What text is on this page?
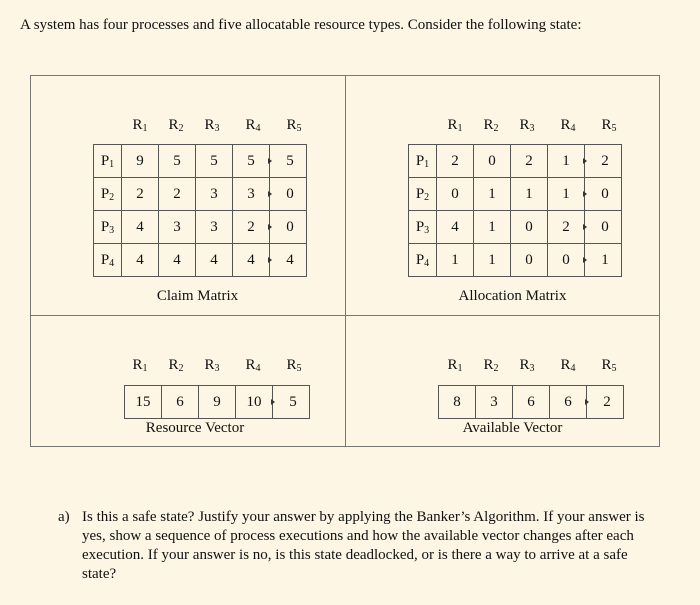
A system has four processes and five allocatable resource types. Consider the following state:

R1	R2	R3	R4	R5
P1	9	5	5	5	5
P2	2	2	3	3	0
P3	4	3	3	2	0
P4	4	4	4	4	4
Claim Matrix
R1	R2	R3	R4	R5
P1	2	0	2	1	2
P2	0	1	1	1	0
P3	4	1	0	2	0
P4	1	1	0	0	1
Allocation Matrix
R1	R2	R3	R4	R5
15	6	9	10	5
Resource Vector
R1	R2	R3	R4	R5
8	3	6	6	2
Available Vector
a) Is this a safe state? Justify your answer by applying the Banker’s Algorithm. If your answer is yes, show a sequence of process executions and how the available vector changes after each execution. If your answer is no, is this state deadlocked, or is there a way to arrive at a safe state?
